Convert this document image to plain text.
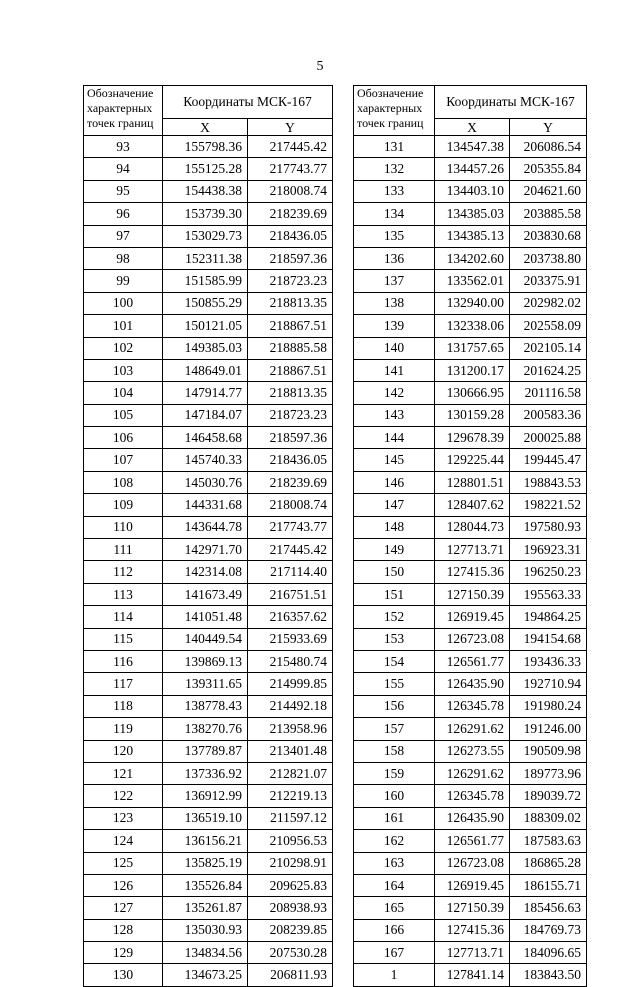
5
Обозначение характерных точек границ	Координаты МСК-167	
	X	Y
93	155798.36	217445.42
94	155125.28	217743.77
95	154438.38	218008.74
96	153739.30	218239.69
97	153029.73	218436.05
98	152311.38	218597.36
99	151585.99	218723.23
100	150855.29	218813.35
101	150121.05	218867.51
102	149385.03	218885.58
103	148649.01	218867.51
104	147914.77	218813.35
105	147184.07	218723.23
106	146458.68	218597.36
107	145740.33	218436.05
108	145030.76	218239.69
109	144331.68	218008.74
110	143644.78	217743.77
111	142971.70	217445.42
112	142314.08	217114.40
113	141673.49	216751.51
114	141051.48	216357.62
115	140449.54	215933.69
116	139869.13	215480.74
117	139311.65	214999.85
118	138778.43	214492.18
119	138270.76	213958.96
120	137789.87	213401.48
121	137336.92	212821.07
122	136912.99	212219.13
123	136519.10	211597.12
124	136156.21	210956.53
125	135825.19	210298.91
126	135526.84	209625.83
127	135261.87	208938.93
128	135030.93	208239.85
129	134834.56	207530.28
130	134673.25	206811.93
Обозначение характерных точек границ	Координаты МСК-167	
	X	Y
131	134547.38	206086.54
132	134457.26	205355.84
133	134403.10	204621.60
134	134385.03	203885.58
135	134385.13	203830.68
136	134202.60	203738.80
137	133562.01	203375.91
138	132940.00	202982.02
139	132338.06	202558.09
140	131757.65	202105.14
141	131200.17	201624.25
142	130666.95	201116.58
143	130159.28	200583.36
144	129678.39	200025.88
145	129225.44	199445.47
146	128801.51	198843.53
147	128407.62	198221.52
148	128044.73	197580.93
149	127713.71	196923.31
150	127415.36	196250.23
151	127150.39	195563.33
152	126919.45	194864.25
153	126723.08	194154.68
154	126561.77	193436.33
155	126435.90	192710.94
156	126345.78	191980.24
157	126291.62	191246.00
158	126273.55	190509.98
159	126291.62	189773.96
160	126345.78	189039.72
161	126435.90	188309.02
162	126561.77	187583.63
163	126723.08	186865.28
164	126919.45	186155.71
165	127150.39	185456.63
166	127415.36	184769.73
167	127713.71	184096.65
1	127841.14	183843.50
